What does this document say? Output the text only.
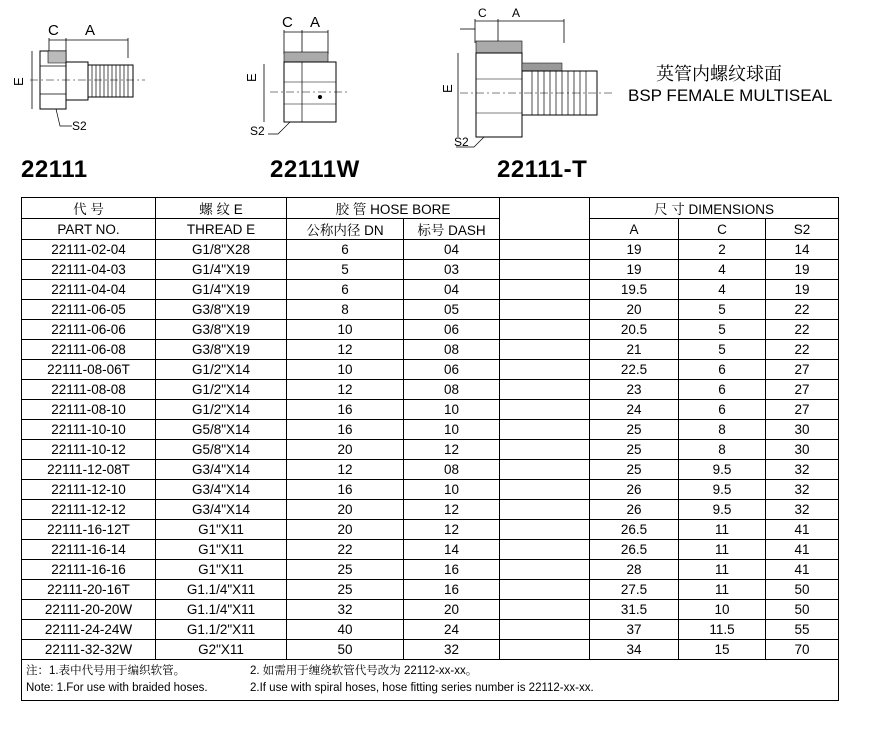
C A
E
S2
22111
C A
E
S2
22111W
C A
E
S2
22111-T
英管内螺纹球面
BSP FEMALE MULTISEAL
代 号	螺 纹 E	胶 管 HOSE BORE			尺 寸 DIMENSIONS		
PART NO.	THREAD E	公称内径 DN	标号 DASH		A	C	S2
22111-02-04	G1/8"X28	6	04		19	2	14
22111-04-03	G1/4"X19	5	03		19	4	19
22111-04-04	G1/4"X19	6	04		19.5	4	19
22111-06-05	G3/8"X19	8	05		20	5	22
22111-06-06	G3/8"X19	10	06		20.5	5	22
22111-06-08	G3/8"X19	12	08		21	5	22
22111-08-06T	G1/2"X14	10	06		22.5	6	27
22111-08-08	G1/2"X14	12	08		23	6	27
22111-08-10	G1/2"X14	16	10		24	6	27
22111-10-10	G5/8"X14	16	10		25	8	30
22111-10-12	G5/8"X14	20	12		25	8	30
22111-12-08T	G3/4"X14	12	08		25	9.5	32
22111-12-10	G3/4"X14	16	10		26	9.5	32
22111-12-12	G3/4"X14	20	12		26	9.5	32
22111-16-12T	G1"X11	20	12		26.5	11	41
22111-16-14	G1"X11	22	14		26.5	11	41
22111-16-16	G1"X11	25	16		28	11	41
22111-20-16T	G1.1/4"X11	25	16		27.5	11	50
22111-20-20W	G1.1/4"X11	32	20		31.5	10	50
22111-24-24W	G1.1/2"X11	40	24		37	11.5	55
22111-32-32W	G2"X11	50	32		34	15	70

注：1.表中代号用于编织软管。 2. 如需用于缠绕软管代号改为 22112-xx-xx。
Note: 1.For use with braided hoses. 2.If use with spiral hoses, hose fitting series number is 22112-xx-xx.							
